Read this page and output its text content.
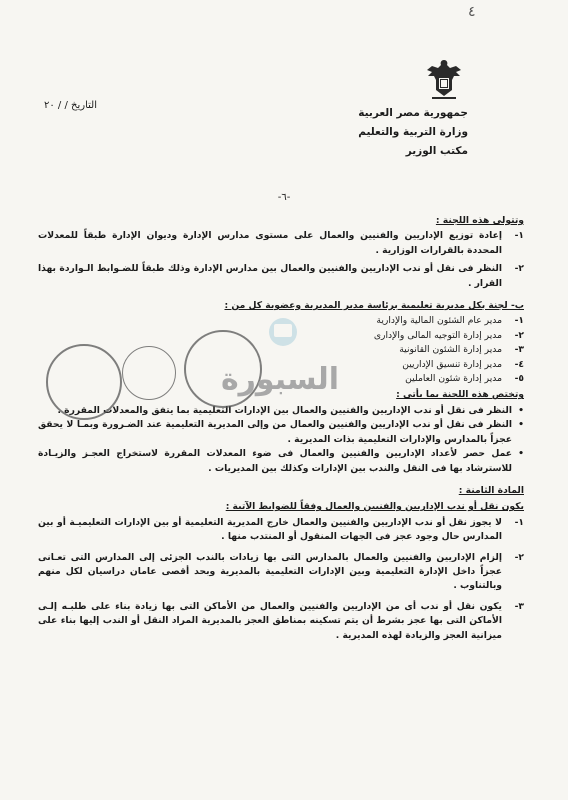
٤
جمهورية مصر العربية
وزارة التربية والتعليم
مكتب الوزير
التاريخ / / ٢٠
-٦-
وتتولى هذه اللجنة :
١-
إعادة توزيع الإداريين والفنيين والعمال على مستوى مدارس الإدارة وديوان الإدارة طبقاً للمعدلات المحددة بالقرارات الوزارية .
٢-
النظر فى نقل أو ندب الإداريين والفنيين والعمال بين مدارس الإدارة وذلك طبقاً للضـوابط الـواردة بهذا القرار .
ب- لجنة بكل مديرية تعليمية برئاسة مدير المديرية وعضوية كل من :
١-
مدير عام الشئون المالية والإدارية
٢-
مدير إدارة التوجيه المالى والإدارى
٣-
مدير إدارة الشئون القانونية
٤-
مدير إدارة تنسيق الإداريين
٥-
مدير إدارة شئون العاملين
وتختص هذه اللجنة بما يأتى :
•
النظر فى نقل أو ندب الإداريين والفنيين والعمال بين الإدارات التعليمية بما يتفق والمعدلات المقررة .
•
النظر فى نقل أو ندب الإداريين والفنيين والعمال من وإلى المديرية التعليمية عند الضـرورة وبمـا لا يحقق عجزاً بالمدارس والإدارات التعليمية بذات المديرية .
•
عمل حصر لأعداد الإداريين والفنيين والعمال فى ضوء المعدلات المقررة لاستخراج العجـز والزيـادة للاسترشاد بها فى النقل والندب بين الإدارات وكذلك بين المديريات .
المادة الثامنة :
يكون نقل أو ندب الإداريين والفنيين والعمال وفقاً للضوابط الآتية :
١-
لا يجوز نقل أو ندب الإداريين والفنيين والعمال خارج المديرية التعليمية أو بين الإدارات التعليميـة أو بين المدارس حال وجود عجز فى الجهات المنقول أو المنتدب منها .
٢-
إلزام الإداريين والفنيين والعمال بالمدارس التى بها زيادات بالندب الجزئى إلى المدارس التى تعـانى عجزاً داخل الإدارة التعليمية وبين الإدارات التعليمية بالمديرية وبحد أقصى عامان دراسيان لكل منهم وبالتناوب .
٣-
يكون نقل أو ندب أى من الإداريين والفنيين والعمال من الأماكن التى بها زيادة بناء على طلبـه إلـى الأماكن التى بها عجز بشرط أن يتم تسكينه بمناطق العجز بالمديرية المراد النقل أو الندب إليها بناء على ميزانية العجز والزيادة لهذه المديرية .
السبورة
